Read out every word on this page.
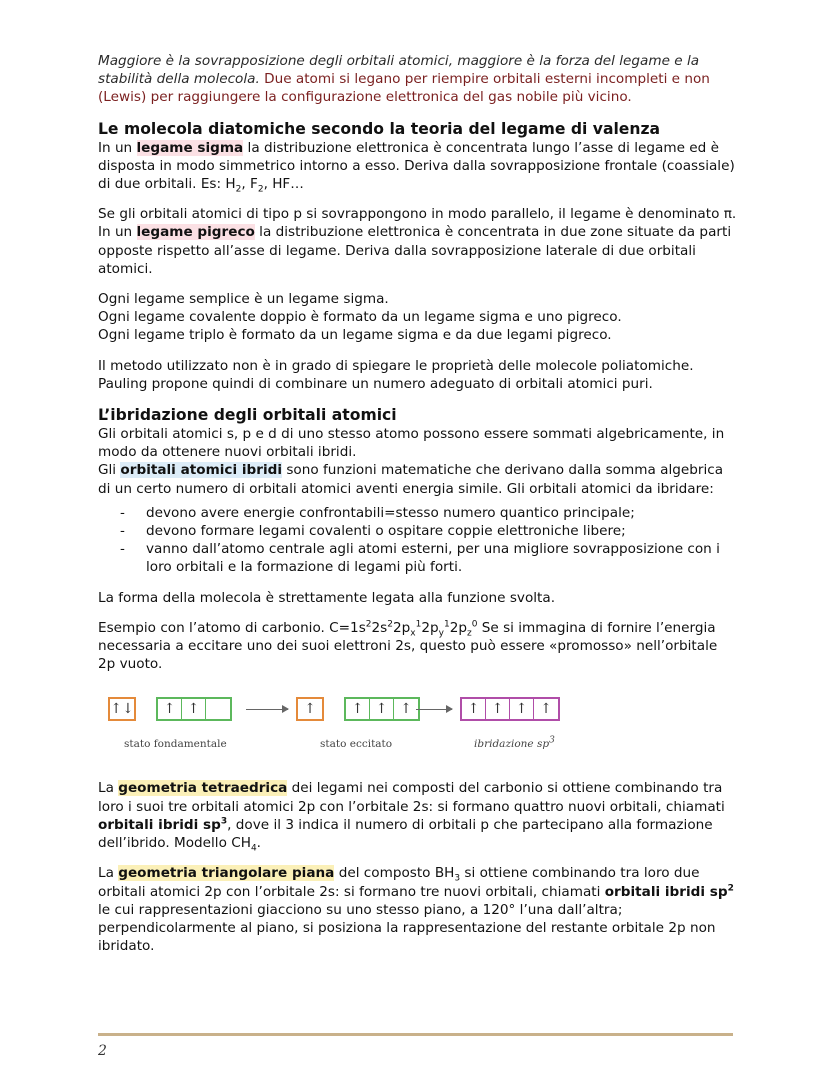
Maggiore è la sovrapposizione degli orbitali atomici, maggiore è la forza del legame e la stabilità della molecola. Due atomi si legano per riempire orbitali esterni incompleti e non (Lewis) per raggiungere la configurazione elettronica del gas nobile più vicino.

Le molecola diatomiche secondo la teoria del legame di valenza

In un legame sigma la distribuzione elettronica è concentrata lungo l’asse di legame ed è disposta in modo simmetrico intorno a esso. Deriva dalla sovrapposizione frontale (coassiale) di due orbitali. Es: $H_2$, $F_2$, HF…

Se gli orbitali atomici di tipo p si sovrappongono in modo parallelo, il legame è denominato π. In un legame pigreco la distribuzione elettronica è concentrata in due zone situate da parti opposte rispetto all’asse di legame. Deriva dalla sovrapposizione laterale di due orbitali atomici.

Ogni legame semplice è un legame sigma.
Ogni legame covalente doppio è formato da un legame sigma e uno pigreco.
Ogni legame triplo è formato da un legame sigma e da due legami pigreco.

Il metodo utilizzato non è in grado di spiegare le proprietà delle molecole poliatomiche. Pauling propone quindi di combinare un numero adeguato di orbitali atomici puri.

L’ibridazione degli orbitali atomici

Gli orbitali atomici s, p e d di uno stesso atomo possono essere sommati algebricamente, in modo da ottenere nuovi orbitali ibridi.

Gli orbitali atomici ibridi sono funzioni matematiche che derivano dalla somma algebrica di un certo numero di orbitali atomici aventi energia simile. Gli orbitali atomici da ibridare:

- devono avere energie confrontabili=stesso numero quantico principale;
- devono formare legami covalenti o ospitare coppie elettroniche libere;
- vanno dall’atomo centrale agli atomi esterni, per una migliore sovrapposizione con i loro orbitali e la formazione di legami più forti.

La forma della molecola è strettamente legata alla funzione svolta.

Esempio con l’atomo di carbonio. $C=1s^22s^22p_x^12p_y^12p_z^0$ Se si immagina di fornire l’energia necessaria a eccitare uno dei suoi elettroni 2s, questo può essere «promosso» nell’orbitale 2p vuoto.

↑↓	↑ ↑	↑	↑ ↑ ↑	↑ ↑ ↑ ↑
stato fondamentale	stato eccitato	ibridazione $sp^3$

La geometria tetraedrica dei legami nei composti del carbonio si ottiene combinando tra loro i suoi tre orbitali atomici 2p con l’orbitale 2s: si formano quattro nuovi orbitali, chiamati orbitali ibridi $sp^3$, dove il 3 indica il numero di orbitali p che partecipano alla formazione dell’ibrido. Modello $CH_4$.

La geometria triangolare piana del composto $BH_3$ si ottiene combinando tra loro due orbitali atomici 2p con l’orbitale 2s: si formano tre nuovi orbitali, chiamati orbitali ibridi $sp^2$ le cui rappresentazioni giacciono su uno stesso piano, a 120° l’una dall’altra; perpendicolarmente al piano, si posiziona la rappresentazione del restante orbitale 2p non ibridato.

2
